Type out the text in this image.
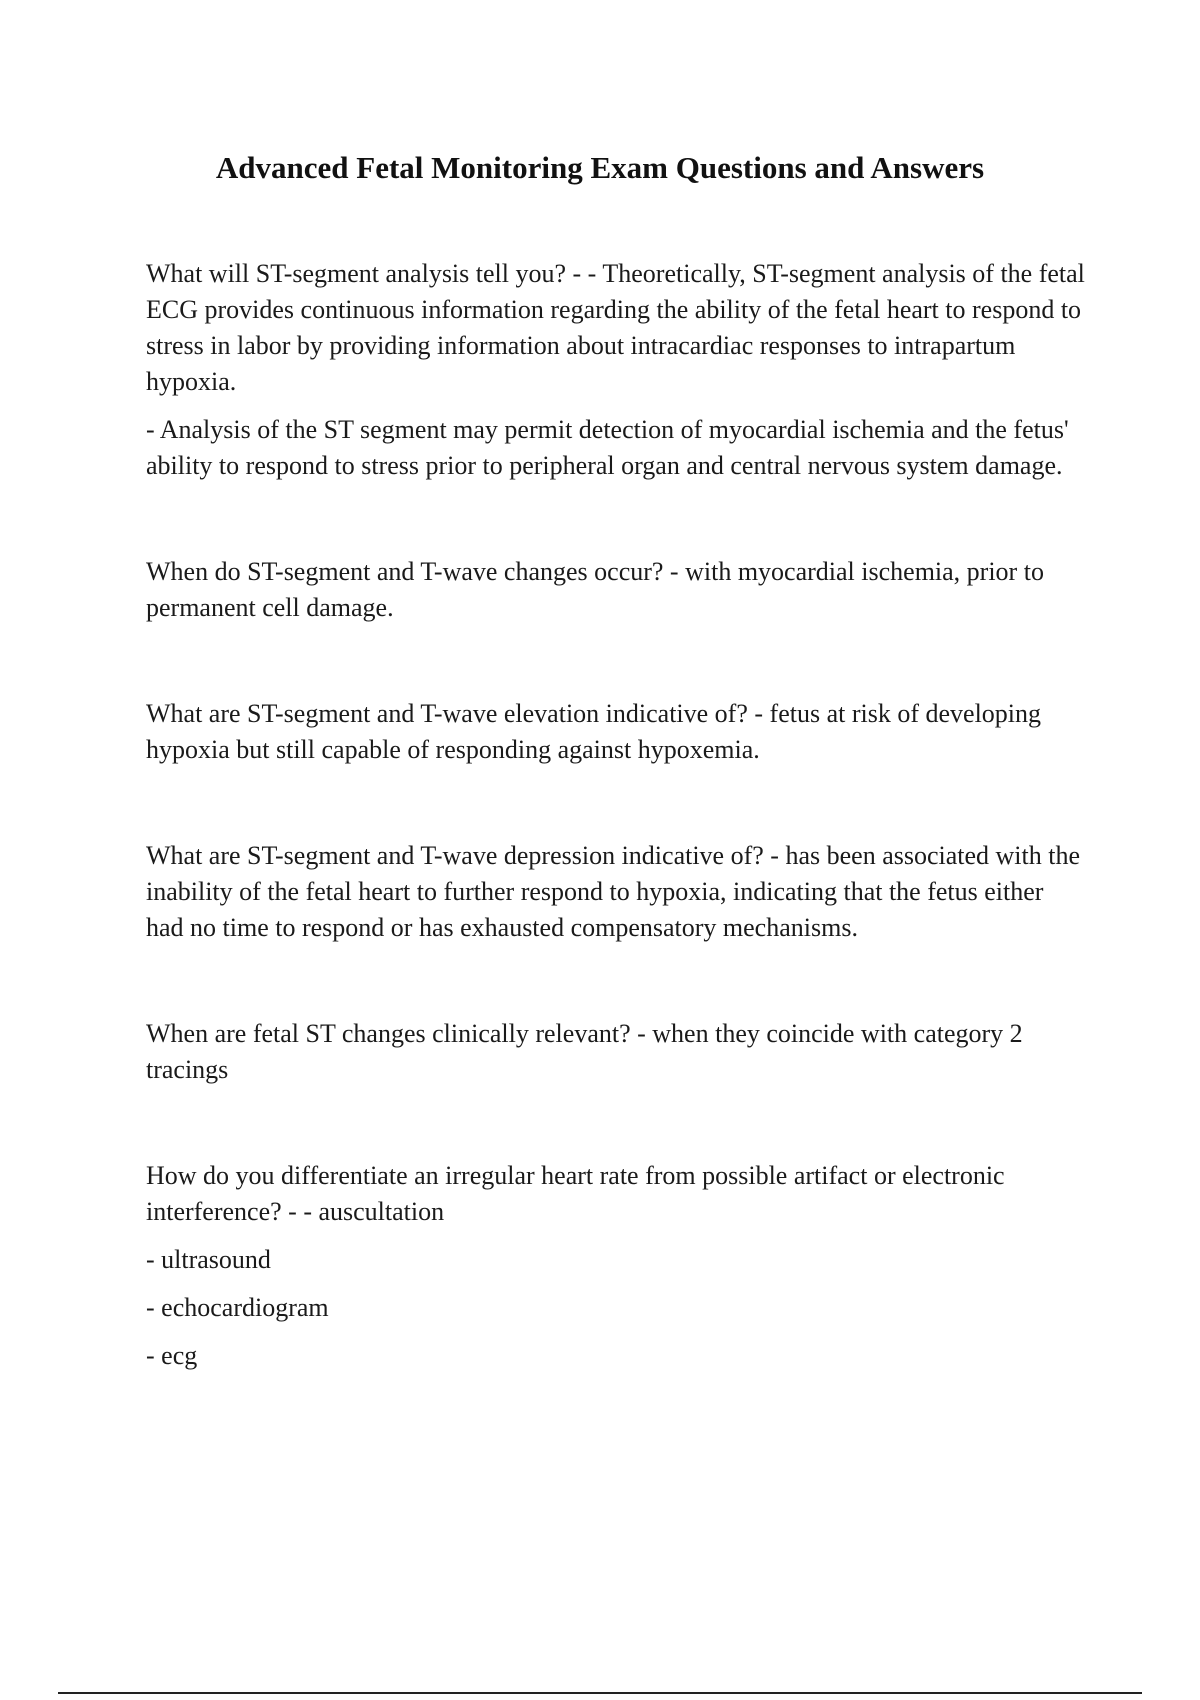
Advanced Fetal Monitoring Exam Questions and Answers

What will ST-segment analysis tell you? - - Theoretically, ST-segment analysis of the fetal ECG provides continuous information regarding the ability of the fetal heart to respond to stress in labor by providing information about intracardiac responses to intrapartum hypoxia.

- Analysis of the ST segment may permit detection of myocardial ischemia and the fetus' ability to respond to stress prior to peripheral organ and central nervous system damage.

When do ST-segment and T-wave changes occur? - with myocardial ischemia, prior to permanent cell damage.

What are ST-segment and T-wave elevation indicative of? - fetus at risk of developing hypoxia but still capable of responding against hypoxemia.

What are ST-segment and T-wave depression indicative of? - has been associated with the inability of the fetal heart to further respond to hypoxia, indicating that the fetus either had no time to respond or has exhausted compensatory mechanisms.

When are fetal ST changes clinically relevant? - when they coincide with category 2 tracings

How do you differentiate an irregular heart rate from possible artifact or electronic interference? - - auscultation

- ultrasound

- echocardiogram

- ecg
